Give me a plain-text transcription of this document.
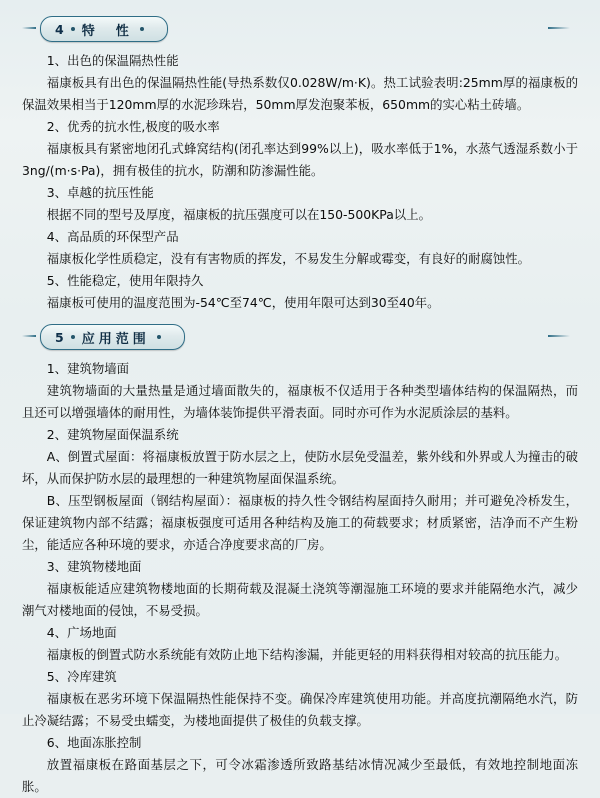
4 特　性

1、出色的保温隔热性能

福康板具有出色的保温隔热性能(导热系数仅0.028W/m·K)。热工试验表明:25mm厚的福康板的保温效果相当于120mm厚的水泥珍珠岩，50mm厚发泡聚苯板，650mm的实心粘土砖墙。

2、优秀的抗水性,极度的吸水率

福康板具有紧密地闭孔式蜂窝结构(闭孔率达到99%以上)，吸水率低于1%，水蒸气透湿系数小于3ng/(m·s·Pa)，拥有极佳的抗水，防潮和防渗漏性能。

3、卓越的抗压性能

根据不同的型号及厚度，福康板的抗压强度可以在150-500KPa以上。

4、高品质的环保型产品

福康板化学性质稳定，没有有害物质的挥发，不易发生分解或霉变，有良好的耐腐蚀性。

5、性能稳定，使用年限持久

福康板可使用的温度范围为-54℃至74℃，使用年限可达到30至40年。

5 应用范围

1、建筑物墙面

建筑物墙面的大量热量是通过墙面散失的，福康板不仅适用于各种类型墙体结构的保温隔热，而且还可以增强墙体的耐用性，为墙体装饰提供平滑表面。同时亦可作为水泥质涂层的基料。

2、建筑物屋面保温系统

A、倒置式屋面：将福康板放置于防水层之上，使防水层免受温差，紫外线和外界或人为撞击的破坏，从而保护防水层的最理想的一种建筑物屋面保温系统。

B、压型钢板屋面（钢结构屋面）：福康板的持久性令钢结构屋面持久耐用；并可避免冷桥发生，保证建筑物内部不结露；福康板强度可适用各种结构及施工的荷载要求；材质紧密，洁净而不产生粉尘，能适应各种环境的要求，亦适合净度要求高的厂房。

3、建筑物楼地面

福康板能适应建筑物楼地面的长期荷载及混凝土浇筑等潮湿施工环境的要求并能隔绝水汽，减少潮气对楼地面的侵蚀，不易受损。

4、广场地面

福康板的倒置式防水系统能有效防止地下结构渗漏，并能更轻的用料获得相对较高的抗压能力。

5、冷库建筑

福康板在恶劣环境下保温隔热性能保持不变。确保冷库建筑使用功能。并高度抗潮隔绝水汽，防止冷凝结露；不易受虫蠕变，为楼地面提供了极佳的负载支撑。

6、地面冻胀控制

放置福康板在路面基层之下，可令冰霜渗透所致路基结冰情况减少至最低，有效地控制地面冻胀。
